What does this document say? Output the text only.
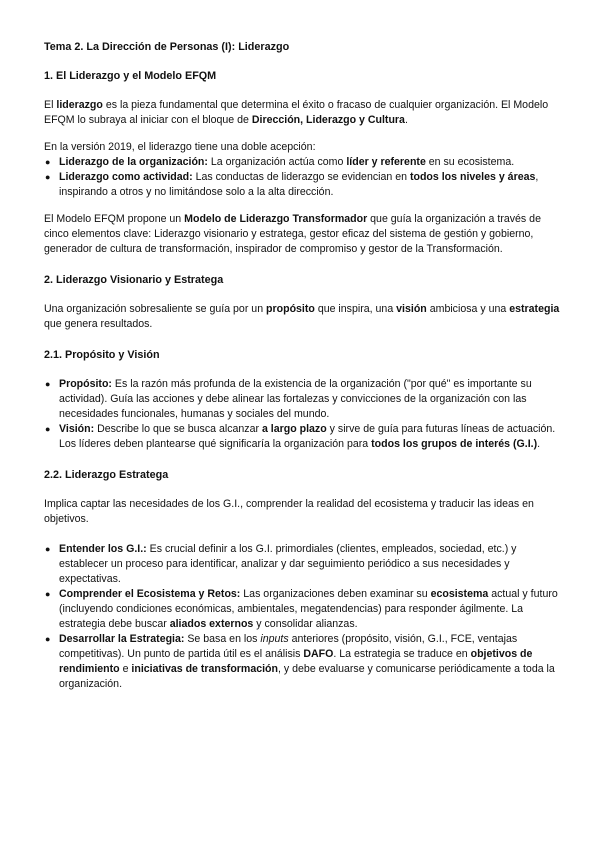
Tema 2. La Dirección de Personas (I): Liderazgo
1. El Liderazgo y el Modelo EFQM

El liderazgo es la pieza fundamental que determina el éxito o fracaso de cualquier organización. El Modelo EFQM lo subraya al iniciar con el bloque de Dirección, Liderazgo y Cultura.

En la versión 2019, el liderazgo tiene una doble acepción:

● Liderazgo de la organización: La organización actúa como líder y referente en su ecosistema.
● Liderazgo como actividad: Las conductas de liderazgo se evidencian en todos los niveles y áreas, inspirando a otros y no limitándose solo a la alta dirección.

El Modelo EFQM propone un Modelo de Liderazgo Transformador que guía la organización a través de cinco elementos clave: Liderazgo visionario y estratega, gestor eficaz del sistema de gestión y gobierno, generador de cultura de transformación, inspirador de compromiso y gestor de la Transformación.

2. Liderazgo Visionario y Estratega

Una organización sobresaliente se guía por un propósito que inspira, una visión ambiciosa y una estrategia que genera resultados.

2.1. Propósito y Visión
● Propósito: Es la razón más profunda de la existencia de la organización ("por qué" es importante su actividad). Guía las acciones y debe alinear las fortalezas y convicciones de la organización con las necesidades funcionales, humanas y sociales del mundo.
● Visión: Describe lo que se busca alcanzar a largo plazo y sirve de guía para futuras líneas de actuación. Los líderes deben plantearse qué significaría la organización para todos los grupos de interés (G.I.).
2.2. Liderazgo Estratega

Implica captar las necesidades de los G.I., comprender la realidad del ecosistema y traducir las ideas en objetivos.

● Entender los G.I.: Es crucial definir a los G.I. primordiales (clientes, empleados, sociedad, etc.) y establecer un proceso para identificar, analizar y dar seguimiento periódico a sus necesidades y expectativas.
● Comprender el Ecosistema y Retos: Las organizaciones deben examinar su ecosistema actual y futuro (incluyendo condiciones económicas, ambientales, megatendencias) para responder ágilmente. La estrategia debe buscar aliados externos y consolidar alianzas.
● Desarrollar la Estrategia: Se basa en los inputs anteriores (propósito, visión, G.I., FCE, ventajas competitivas). Un punto de partida útil es el análisis DAFO. La estrategia se traduce en objetivos de rendimiento e iniciativas de transformación, y debe evaluarse y comunicarse periódicamente a toda la organización.
